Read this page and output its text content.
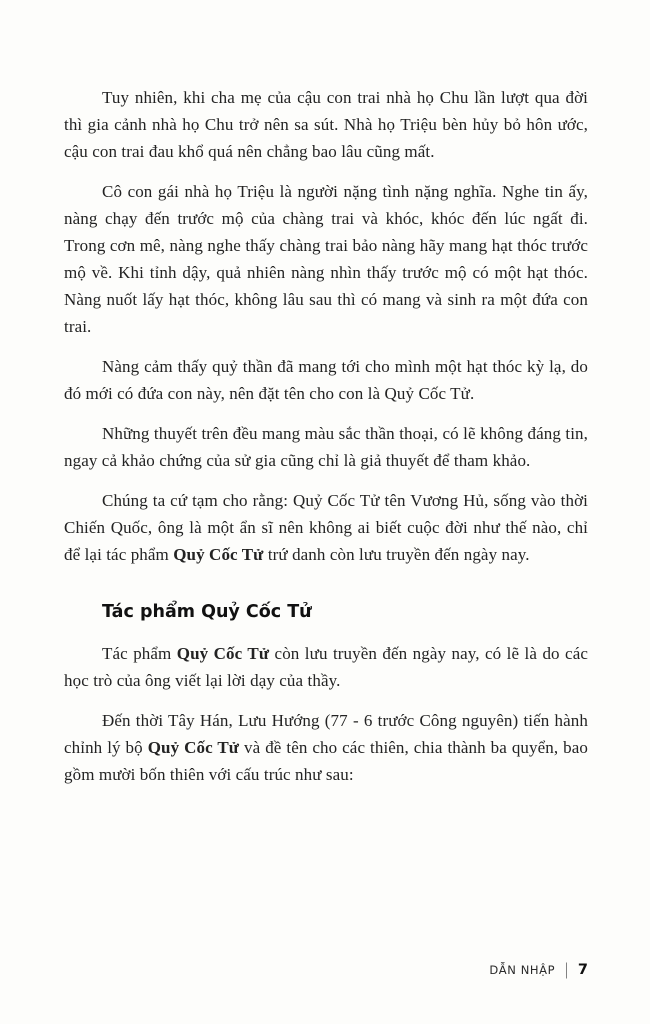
Tuy nhiên, khi cha mẹ của cậu con trai nhà họ Chu lần lượt qua đời thì gia cảnh nhà họ Chu trở nên sa sút. Nhà họ Triệu bèn hủy bỏ hôn ước, cậu con trai đau khổ quá nên chẳng bao lâu cũng mất.

Cô con gái nhà họ Triệu là người nặng tình nặng nghĩa. Nghe tin ấy, nàng chạy đến trước mộ của chàng trai và khóc, khóc đến lúc ngất đi. Trong cơn mê, nàng nghe thấy chàng trai bảo nàng hãy mang hạt thóc trước mộ về. Khi tỉnh dậy, quả nhiên nàng nhìn thấy trước mộ có một hạt thóc. Nàng nuốt lấy hạt thóc, không lâu sau thì có mang và sinh ra một đứa con trai.

Nàng cảm thấy quỷ thần đã mang tới cho mình một hạt thóc kỳ lạ, do đó mới có đứa con này, nên đặt tên cho con là Quỷ Cốc Tử.

Những thuyết trên đều mang màu sắc thần thoại, có lẽ không đáng tin, ngay cả khảo chứng của sử gia cũng chỉ là giả thuyết để tham khảo.

Chúng ta cứ tạm cho rằng: Quỷ Cốc Tử tên Vương Hủ, sống vào thời Chiến Quốc, ông là một ẩn sĩ nên không ai biết cuộc đời như thế nào, chỉ để lại tác phẩm Quỷ Cốc Tử trứ danh còn lưu truyền đến ngày nay.

Tác phẩm Quỷ Cốc Tử

Tác phẩm Quỷ Cốc Tử còn lưu truyền đến ngày nay, có lẽ là do các học trò của ông viết lại lời dạy của thầy.

Đến thời Tây Hán, Lưu Hướng (77 - 6 trước Công nguyên) tiến hành chỉnh lý bộ Quỷ Cốc Tử và đề tên cho các thiên, chia thành ba quyển, bao gồm mười bốn thiên với cấu trúc như sau:

DẪN NHẬP | 7
